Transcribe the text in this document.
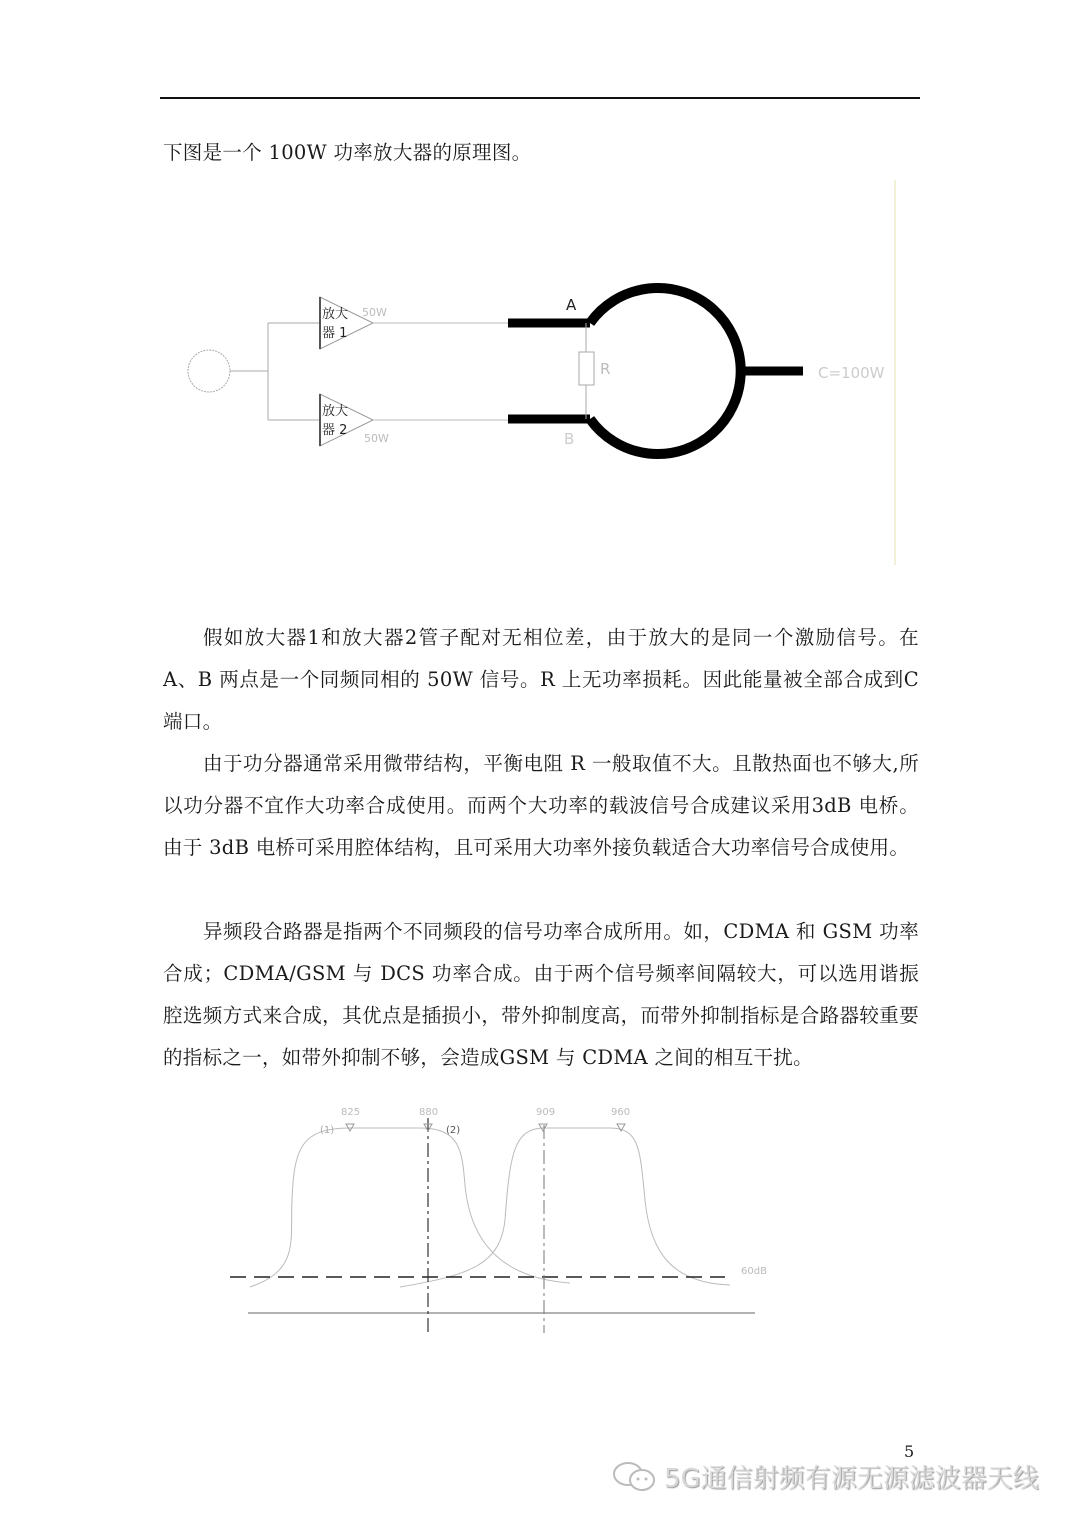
下图是一个 100W 功率放大器的原理图。

放大
器 1
放大
器 2
50W
50W
A
B
R	C=100W

假如放大器1和放大器2管子配对无相位差，由于放大的是同一个激励信号。在 A、B 两点是一个同频同相的 50W 信号。R 上无功率损耗。因此能量被全部合成到C 端口。

由于功分器通常采用微带结构，平衡电阻 R 一般取值不大。且散热面也不够大,所以功分器不宜作大功率合成使用。而两个大功率的载波信号合成建议采用3dB 电桥。由于 3dB 电桥可采用腔体结构，且可采用大功率外接负载适合大功率信号合成使用。

异频段合路器是指两个不同频段的信号功率合成所用。如，CDMA 和 GSM 功率合成；CDMA/GSM 与 DCS 功率合成。由于两个信号频率间隔较大，可以选用谐振腔选频方式来合成，其优点是插损小，带外抑制度高，而带外抑制指标是合路器较重要的指标之一，如带外抑制不够，会造成GSM 与 CDMA 之间的相互干扰。

825	880	909	960
(1)	(2)
60dB
5
5G通信射频有源无源滤波器天线
